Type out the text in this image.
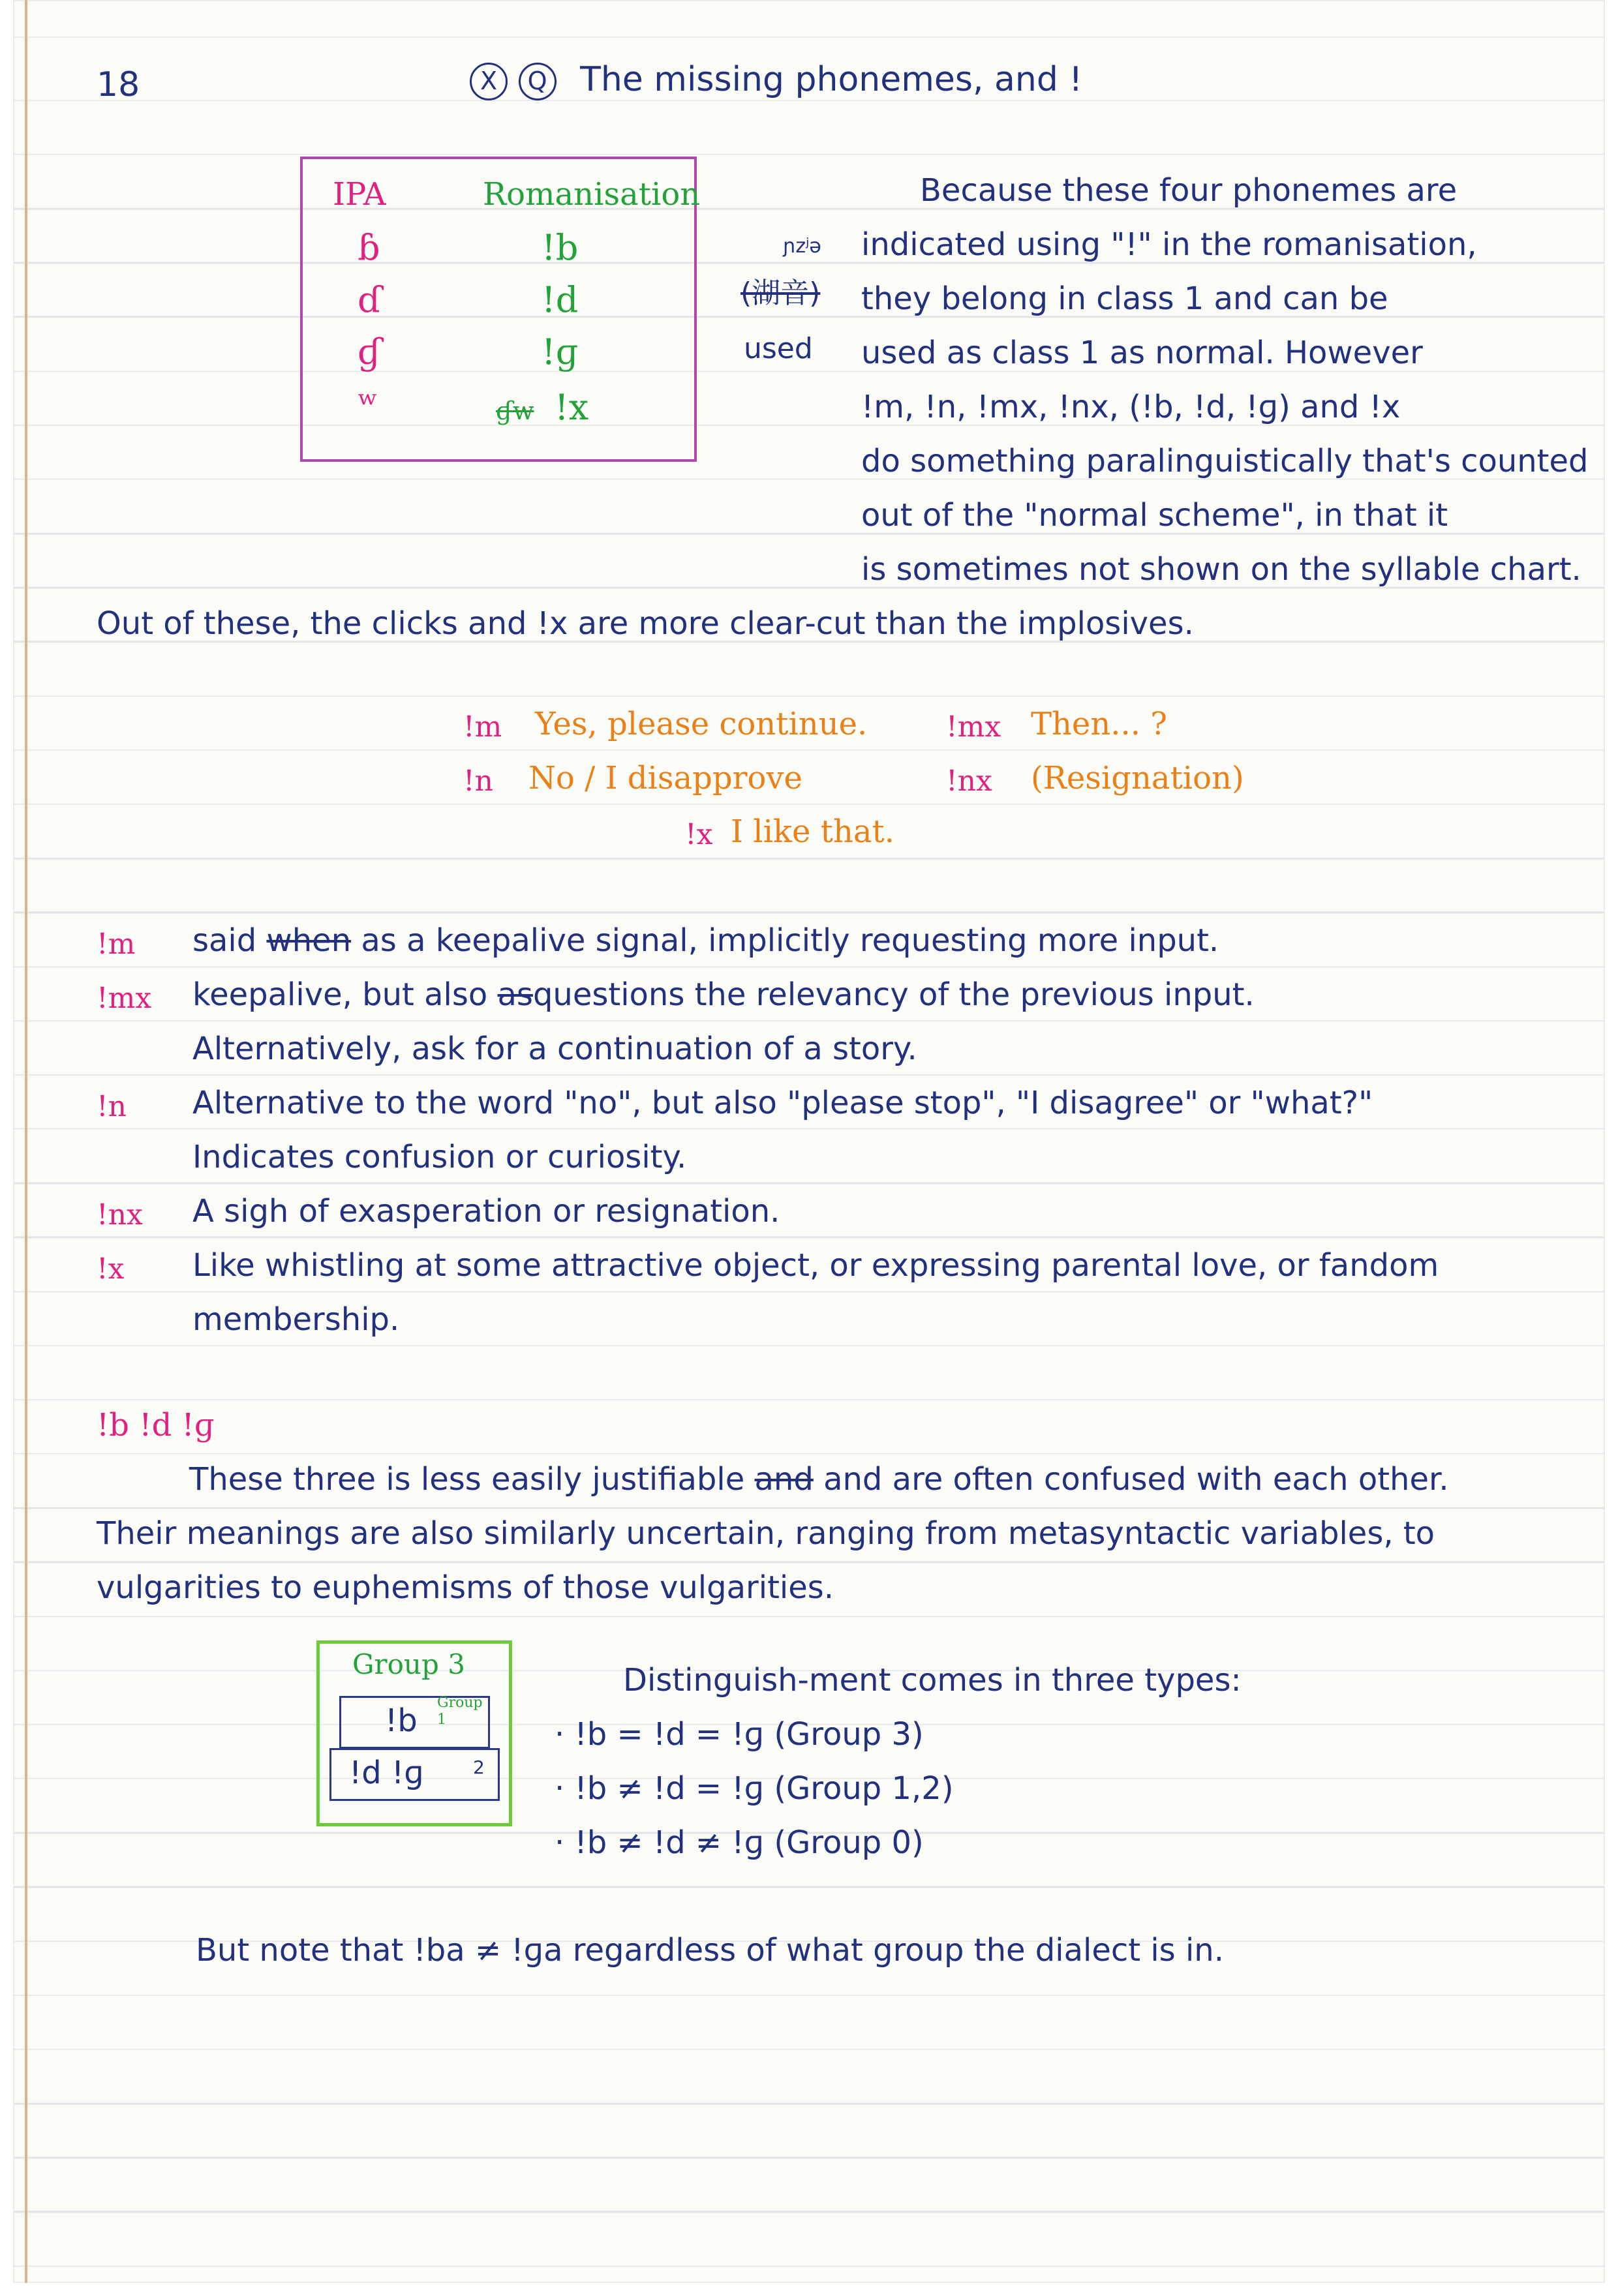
18	X Q The missing phonemes, and !
IPA	Romanisation
ɓ	!b
ɗ	!d
ɠ	!ɡ
ʷ	ɠw !x
ɲzʲə
(湖音)
used
Because these four phonemes are
indicated using "!" in the romanisation,
they belong in class 1 and can be
used as class 1 as normal. However
!m, !n, !mx, !nx, (!b, !d, !ɡ) and !x
do something paralinguistically that's counted
out of the "normal scheme", in that it
is sometimes not shown on the syllable chart.
Out of these, the clicks and !x are more clear-cut than the implosives.
!m Yes, please continue.	!mx Then... ?
!n No / I disapprove	!nx (Resignation)
!x I like that.
!m said when as a keepalive signal, implicitly requesting more input.
!mx keepalive, but also asquestions the relevancy of the previous input.
Alternatively, ask for a continuation of a story.
!n Alternative to the word "no", but also "please stop", "I disagree" or "what?"
Indicates confusion or curiosity.
!nx A sigh of exasperation or resignation.
!x Like whistling at some attractive object, or expressing parental love, or fandom
membership.
!b !d !ɡ
These three is less easily justifiable and and are often confused with each other.
Their meanings are also similarly uncertain, ranging from metasyntactic variables, to
vulgarities to euphemisms of those vulgarities.
Group 3
!b Group 1
!d !ɡ	2
Distinguish-ment comes in three types:
· !b = !d = !ɡ (Group 3)
· !b ≠ !d = !ɡ (Group 1,2)
· !b ≠ !d ≠ !ɡ (Group 0)
But note that !ba ≠ !ɡa regardless of what group the dialect is in.
